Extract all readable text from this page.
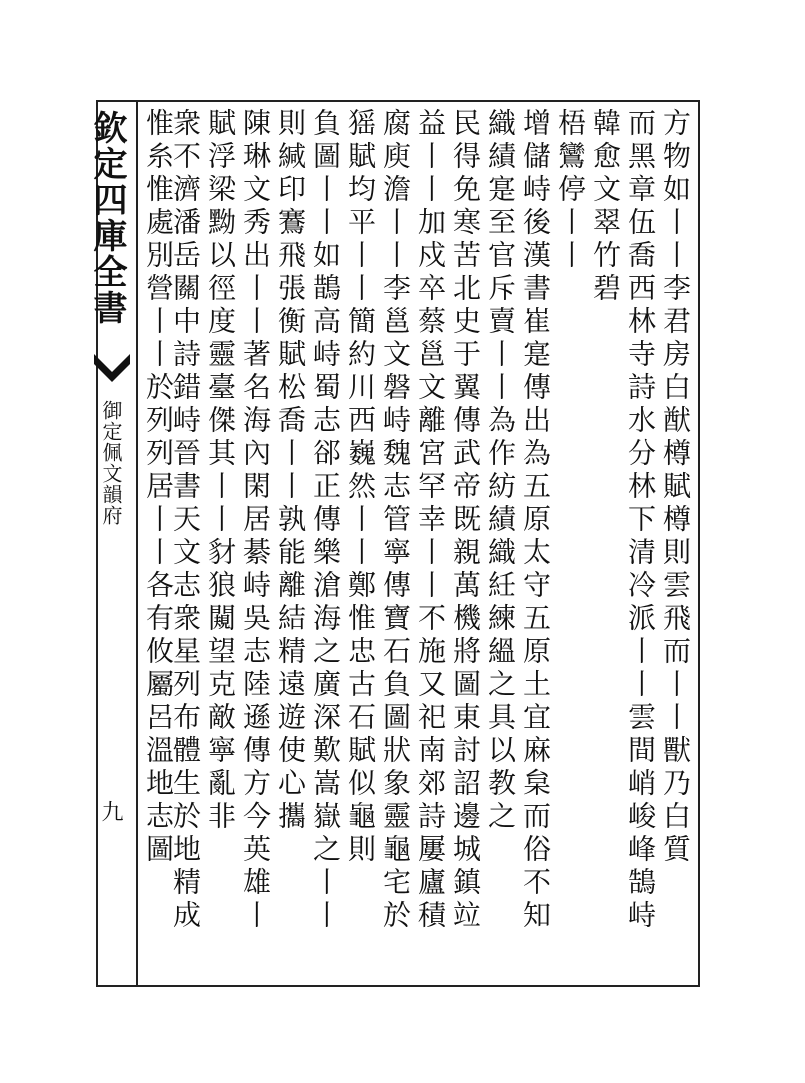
欽定四庫全書
御定佩文韻府
九	方物如丨丨李君房白猷樽賦樽則雲飛而丨丨獸乃白質
而黑章伍喬西林寺詩水分林下清冷派丨丨雲間峭峻峰鵠峙
韓愈文翠竹碧
梧鸞停丨丨
增儲峙後漢書崔寔傳出為五原太守五原土宜麻枲而俗不知
織績寔至官斥賣丨丨為作紡績織紝練縕之具以教之
民得免寒苦北史于翼傳武帝既親萬機將圖東討詔邊城鎮竝
益丨丨加戍卒蔡邕文離宮罕幸丨丨不施又祀南郊詩屢廬積
腐庾澹丨丨李邕文磐峙魏志管寧傳寶石負圖狀象靈龜宅於
猺賦均平丨丨簡約川西巍然丨丨鄭惟忠古石賦似龜則
負圖丨丨如鵲高峙蜀志郤正傳樂滄海之廣深歎嵩嶽之丨丨
則緘印鶱飛張衡賦松喬丨丨孰能離結精遠遊使心攜
陳琳文秀出丨丨著名海內閑居綦峙吳志陸遜傳方今英雄丨
賦浮梁黝以徑度靈臺傑其丨丨豺狼闚望克敵寧亂非
衆不濟潘岳關中詩錯峙晉書天文志衆星列布體生於地精成
惟糸惟處別營丨丨於列列居丨丨各有攸屬呂溫地志圖
